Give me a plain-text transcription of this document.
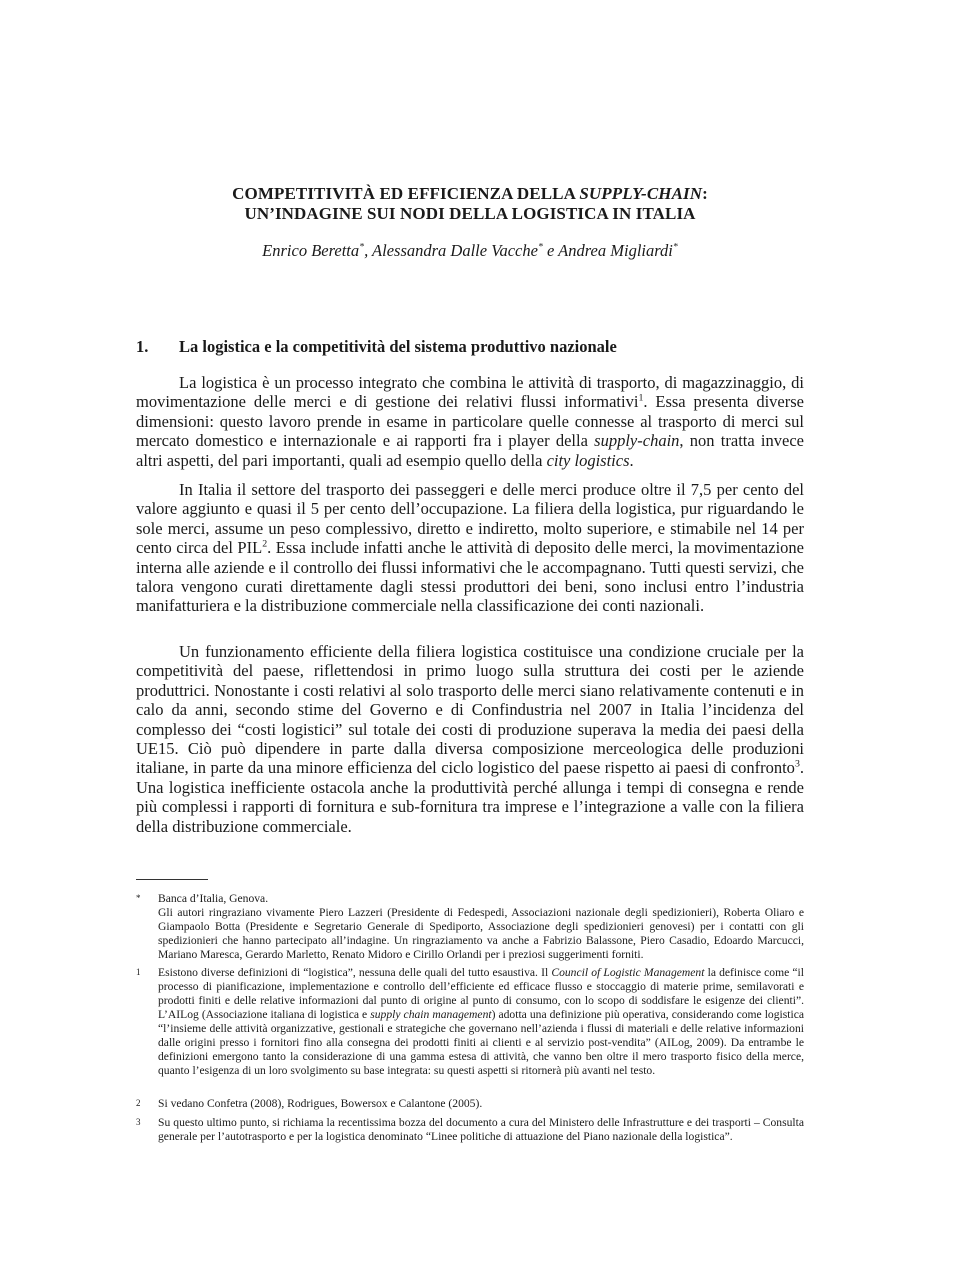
COMPETITIVITÀ ED EFFICIENZA DELLA SUPPLY-CHAIN:
UN’INDAGINE SUI NODI DELLA LOGISTICA IN ITALIA
Enrico Beretta*, Alessandra Dalle Vacche* e Andrea Migliardi*
1. La logistica e la competitività del sistema produttivo nazionale

La logistica è un processo integrato che combina le attività di trasporto, di magazzinaggio, di movimentazione delle merci e di gestione dei relativi flussi informativi$^1$. Essa presenta diverse dimensioni: questo lavoro prende in esame in particolare quelle connesse al trasporto di merci sul mercato domestico e internazionale e ai rapporti fra i player della supply-chain, non tratta invece altri aspetti, del pari importanti, quali ad esempio quello della city logistics.

In Italia il settore del trasporto dei passeggeri e delle merci produce oltre il 7,5 per cento del valore aggiunto e quasi il 5 per cento dell’occupazione. La filiera della logistica, pur riguardando le sole merci, assume un peso complessivo, diretto e indiretto, molto superiore, e stimabile nel 14 per cento circa del PIL$^2$. Essa include infatti anche le attività di deposito delle merci, la movimentazione interna alle aziende e il controllo dei flussi informativi che le accompagnano. Tutti questi servizi, che talora vengono curati direttamente dagli stessi produttori dei beni, sono inclusi entro l’industria manifatturiera e la distribuzione commerciale nella classificazione dei conti nazionali.

Un funzionamento efficiente della filiera logistica costituisce una condizione cruciale per la competitività del paese, riflettendosi in primo luogo sulla struttura dei costi per le aziende produttrici. Nonostante i costi relativi al solo trasporto delle merci siano relativamente contenuti e in calo da anni, secondo stime del Governo e di Confindustria nel 2007 in Italia l’incidenza del complesso dei “costi logistici” sul totale dei costi di produzione superava la media dei paesi della UE15. Ciò può dipendere in parte dalla diversa composizione merceologica delle produzioni italiane, in parte da una minore efficienza del ciclo logistico del paese rispetto ai paesi di confronto$^3$. Una logistica inefficiente ostacola anche la produttività perché allunga i tempi di consegna e rende più complessi i rapporti di fornitura e sub-fornitura tra imprese e l’integrazione a valle con la filiera della distribuzione commerciale.

*	Banca d’Italia, Genova.
Gli autori ringraziano vivamente Piero Lazzeri (Presidente di Fedespedi, Associazioni nazionale degli spedizionieri), Roberta Oliaro e Giampaolo Botta (Presidente e Segretario Generale di Spediporto, Associazione degli spedizionieri genovesi) per i contatti con gli spedizionieri che hanno partecipato all’indagine. Un ringraziamento va anche a Fabrizio Balassone, Piero Casadio, Edoardo Marcucci, Mariano Maresca, Gerardo Marletto, Renato Midoro e Cirillo Orlandi per i preziosi suggerimenti forniti.
1	Esistono diverse definizioni di “logistica”, nessuna delle quali del tutto esaustiva. Il Council of Logistic Management la definisce come “il processo di pianificazione, implementazione e controllo dell’efficiente ed efficace flusso e stoccaggio di materie prime, semilavorati e prodotti finiti e delle relative informazioni dal punto di origine al punto di consumo, con lo scopo di soddisfare le esigenze dei clienti”. L’AILog (Associazione italiana di logistica e supply chain management) adotta una definizione più operativa, considerando come logistica “l’insieme delle attività organizzative, gestionali e strategiche che governano nell’azienda i flussi di materiali e delle relative informazioni dalle origini presso i fornitori fino alla consegna dei prodotti finiti ai clienti e al servizio post-vendita” (AILog, 2009). Da entrambe le definizioni emergono tanto la considerazione di una gamma estesa di attività, che vanno ben oltre il mero trasporto fisico della merce, quanto l’esigenza di un loro svolgimento su base integrata: su questi aspetti si ritornerà più avanti nel testo.
2	Si vedano Confetra (2008), Rodrigues, Bowersox e Calantone (2005).
3	Su questo ultimo punto, si richiama la recentissima bozza del documento a cura del Ministero delle Infrastrutture e dei trasporti – Consulta generale per l’autotrasporto e per la logistica denominato “Linee politiche di attuazione del Piano nazionale della logistica”.
